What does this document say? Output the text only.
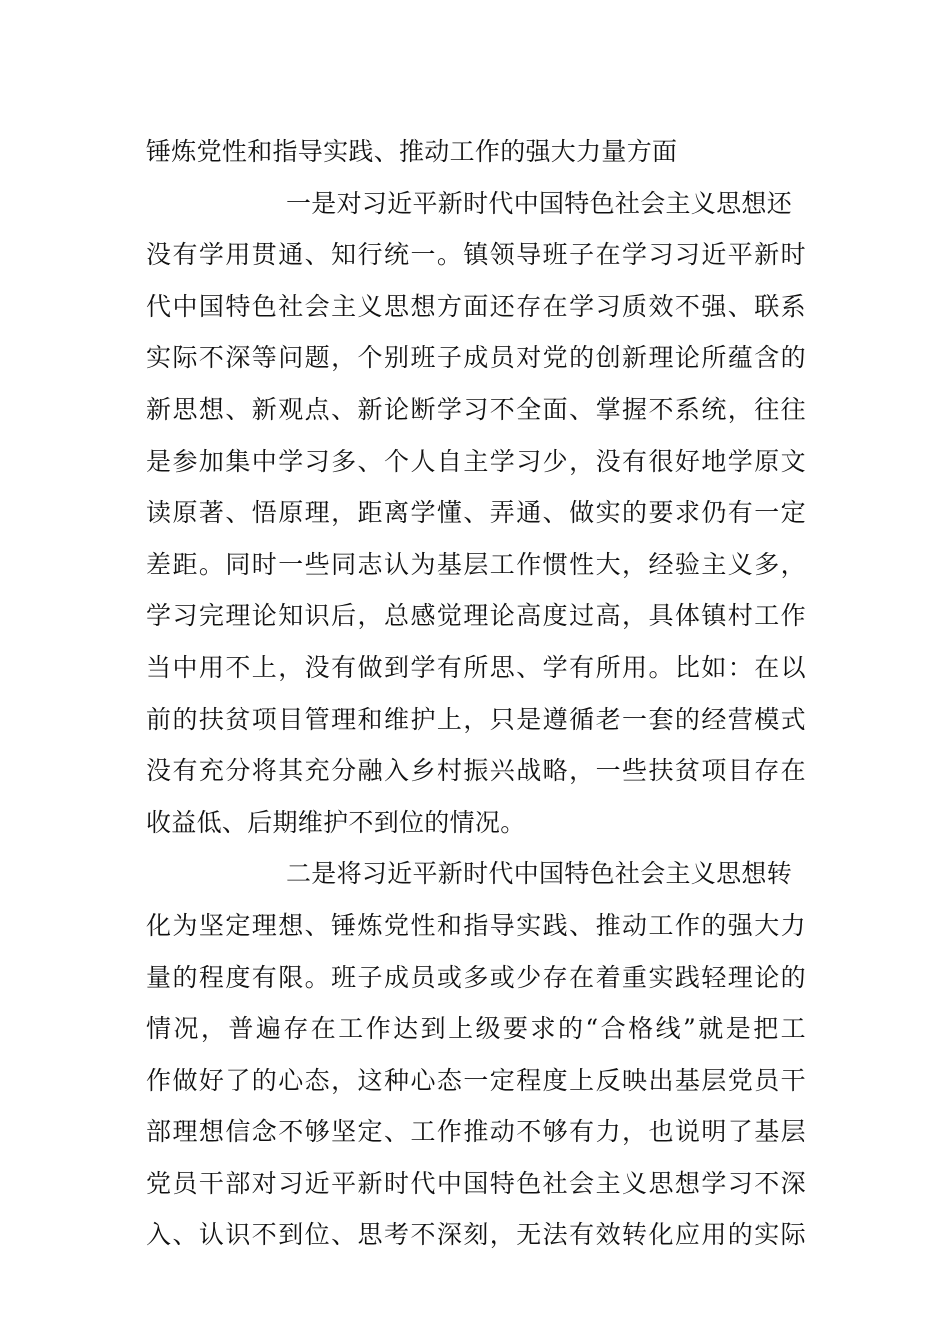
锤炼党性和指导实践、推动工作的强大力量方面

一是对习近平新时代中国特色社会主义思想还
没有学用贯通、知行统一。镇领导班子在学习习近平新时
代中国特色社会主义思想方面还存在学习质效不强、联系
实际不深等问题，个别班子成员对党的创新理论所蕴含的
新思想、新观点、新论断学习不全面、掌握不系统，往往
是参加集中学习多、个人自主学习少，没有很好地学原文
读原著、悟原理，距离学懂、弄通、做实的要求仍有一定
差距。同时一些同志认为基层工作惯性大，经验主义多，
学习完理论知识后，总感觉理论高度过高，具体镇村工作
当中用不上，没有做到学有所思、学有所用。比如：在以
前的扶贫项目管理和维护上，只是遵循老一套的经营模式
没有充分将其充分融入乡村振兴战略，一些扶贫项目存在
收益低、后期维护不到位的情况。

二是将习近平新时代中国特色社会主义思想转
化为坚定理想、锤炼党性和指导实践、推动工作的强大力
量的程度有限。班子成员或多或少存在着重实践轻理论的
情况，普遍存在工作达到上级要求的“合格线”就是把工
作做好了的心态，这种心态一定程度上反映出基层党员干
部理想信念不够坚定、工作推动不够有力，也说明了基层
党员干部对习近平新时代中国特色社会主义思想学习不深
入、认识不到位、思考不深刻，无法有效转化应用的实际
